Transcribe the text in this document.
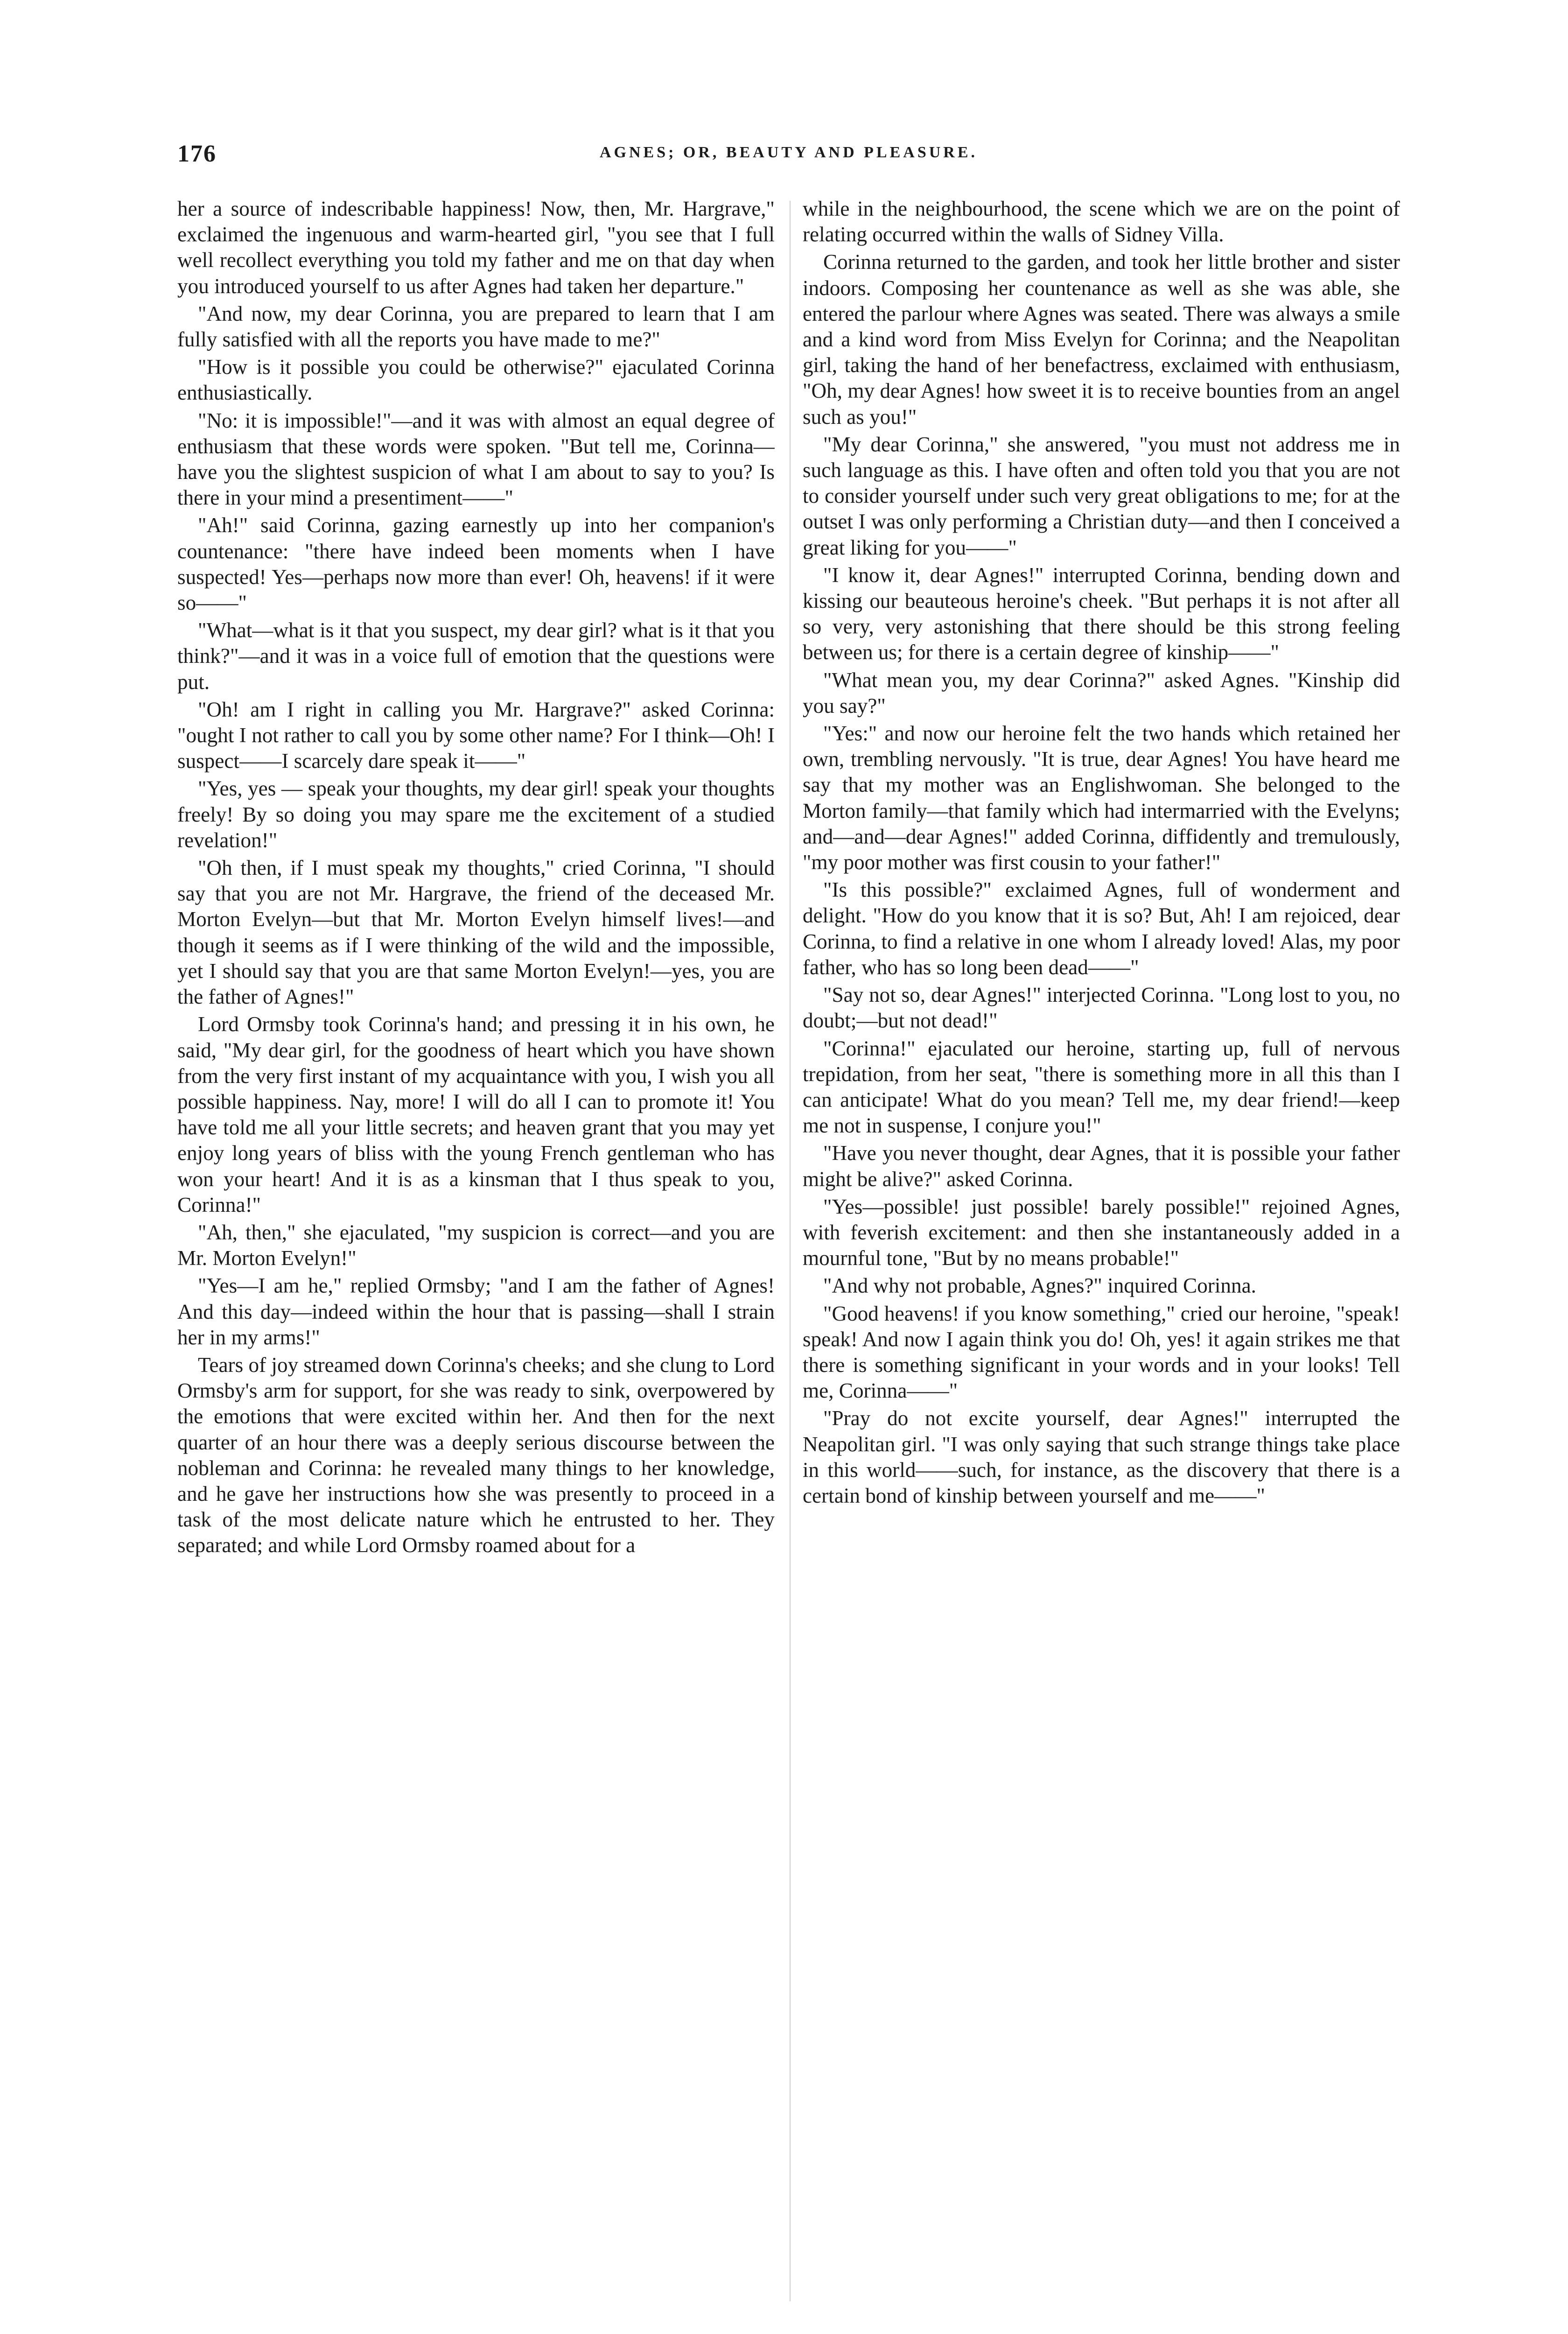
176	AGNES; OR, BEAUTY AND PLEASURE.

her a source of indescribable happiness! Now, then, Mr. Hargrave," exclaimed the ingenuous and warm-hearted girl, "you see that I full well recollect everything you told my father and me on that day when you introduced yourself to us after Agnes had taken her departure."

"And now, my dear Corinna, you are prepared to learn that I am fully satisfied with all the reports you have made to me?"

"How is it possible you could be otherwise?" ejaculated Corinna enthusiastically.

"No: it is impossible!"—and it was with almost an equal degree of enthusiasm that these words were spoken. "But tell me, Corinna—have you the slightest suspicion of what I am about to say to you? Is there in your mind a presentiment——"

"Ah!" said Corinna, gazing earnestly up into her companion's countenance: "there have indeed been moments when I have suspected! Yes—perhaps now more than ever! Oh, heavens! if it were so——"

"What—what is it that you suspect, my dear girl? what is it that you think?"—and it was in a voice full of emotion that the questions were put.

"Oh! am I right in calling you Mr. Hargrave?" asked Corinna: "ought I not rather to call you by some other name? For I think—Oh! I suspect——I scarcely dare speak it——"

"Yes, yes — speak your thoughts, my dear girl! speak your thoughts freely! By so doing you may spare me the excitement of a studied revelation!"

"Oh then, if I must speak my thoughts," cried Corinna, "I should say that you are not Mr. Hargrave, the friend of the deceased Mr. Morton Evelyn—but that Mr. Morton Evelyn himself lives!—and though it seems as if I were thinking of the wild and the impossible, yet I should say that you are that same Morton Evelyn!—yes, you are the father of Agnes!"

Lord Ormsby took Corinna's hand; and pressing it in his own, he said, "My dear girl, for the goodness of heart which you have shown from the very first instant of my acquaintance with you, I wish you all possible happiness. Nay, more! I will do all I can to promote it! You have told me all your little secrets; and heaven grant that you may yet enjoy long years of bliss with the young French gentleman who has won your heart! And it is as a kinsman that I thus speak to you, Corinna!"

"Ah, then," she ejaculated, "my suspicion is correct—and you are Mr. Morton Evelyn!"

"Yes—I am he," replied Ormsby; "and I am the father of Agnes! And this day—indeed within the hour that is passing—shall I strain her in my arms!"

Tears of joy streamed down Corinna's cheeks; and she clung to Lord Ormsby's arm for support, for she was ready to sink, overpowered by the emotions that were excited within her. And then for the next quarter of an hour there was a deeply serious discourse between the nobleman and Corinna: he revealed many things to her knowledge, and he gave her instructions how she was presently to proceed in a task of the most delicate nature which he entrusted to her. They separated; and while Lord Ormsby roamed about for a

while in the neighbourhood, the scene which we are on the point of relating occurred within the walls of Sidney Villa.

Corinna returned to the garden, and took her little brother and sister indoors. Composing her countenance as well as she was able, she entered the parlour where Agnes was seated. There was always a smile and a kind word from Miss Evelyn for Corinna; and the Neapolitan girl, taking the hand of her benefactress, exclaimed with enthusiasm, "Oh, my dear Agnes! how sweet it is to receive bounties from an angel such as you!"

"My dear Corinna," she answered, "you must not address me in such language as this. I have often and often told you that you are not to consider yourself under such very great obligations to me; for at the outset I was only performing a Christian duty—and then I conceived a great liking for you——"

"I know it, dear Agnes!" interrupted Corinna, bending down and kissing our beauteous heroine's cheek. "But perhaps it is not after all so very, very astonishing that there should be this strong feeling between us; for there is a certain degree of kinship——"

"What mean you, my dear Corinna?" asked Agnes. "Kinship did you say?"

"Yes:" and now our heroine felt the two hands which retained her own, trembling nervously. "It is true, dear Agnes! You have heard me say that my mother was an Englishwoman. She belonged to the Morton family—that family which had intermarried with the Evelyns; and—and—dear Agnes!" added Corinna, diffidently and tremulously, "my poor mother was first cousin to your father!"

"Is this possible?" exclaimed Agnes, full of wonderment and delight. "How do you know that it is so? But, Ah! I am rejoiced, dear Corinna, to find a relative in one whom I already loved! Alas, my poor father, who has so long been dead——"

"Say not so, dear Agnes!" interjected Corinna. "Long lost to you, no doubt;—but not dead!"

"Corinna!" ejaculated our heroine, starting up, full of nervous trepidation, from her seat, "there is something more in all this than I can anticipate! What do you mean? Tell me, my dear friend!—keep me not in suspense, I conjure you!"

"Have you never thought, dear Agnes, that it is possible your father might be alive?" asked Corinna.

"Yes—possible! just possible! barely possible!" rejoined Agnes, with feverish excitement: and then she instantaneously added in a mournful tone, "But by no means probable!"

"And why not probable, Agnes?" inquired Corinna.

"Good heavens! if you know something," cried our heroine, "speak! speak! And now I again think you do! Oh, yes! it again strikes me that there is something significant in your words and in your looks! Tell me, Corinna——"

"Pray do not excite yourself, dear Agnes!" interrupted the Neapolitan girl. "I was only saying that such strange things take place in this world——such, for instance, as the discovery that there is a certain bond of kinship between yourself and me——"
